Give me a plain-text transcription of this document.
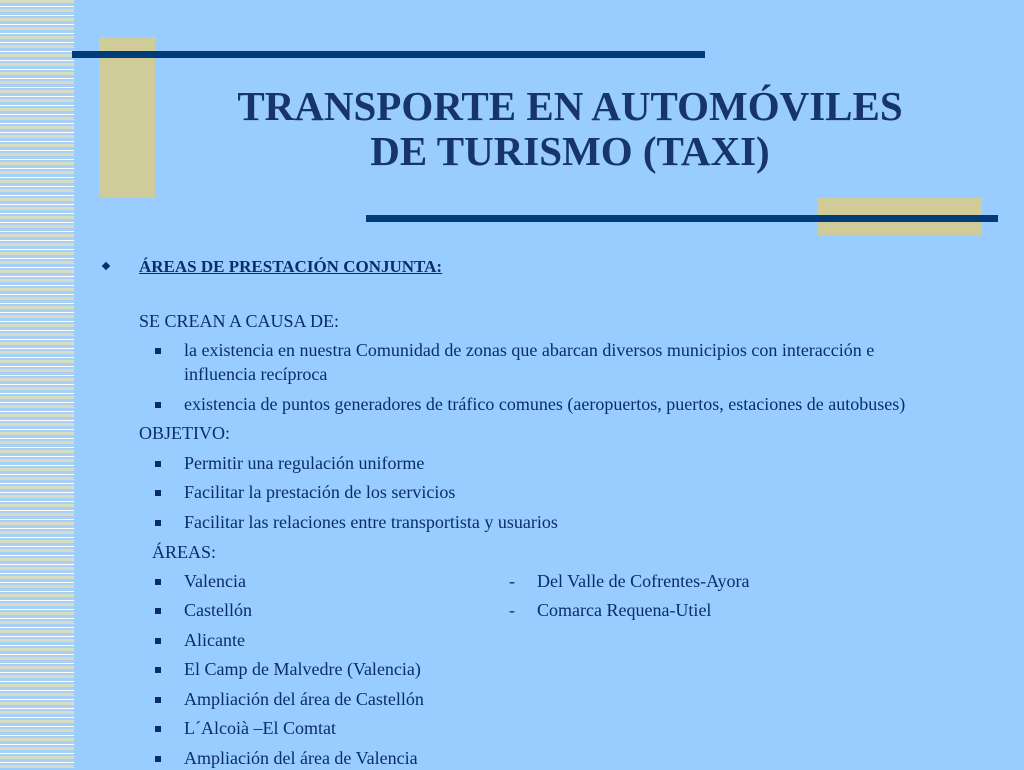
TRANSPORTE EN AUTOMÓVILES
DE TURISMO (TAXI)
ÁREAS DE PRESTACIÓN CONJUNTA:
SE CREAN A CAUSA DE:
la existencia en nuestra Comunidad de zonas que abarcan diversos municipios con interacción e
influencia recíproca
existencia de puntos generadores de tráfico comunes (aeropuertos, puertos, estaciones de autobuses)
OBJETIVO:
Permitir una regulación uniforme
Facilitar la prestación de los servicios
Facilitar las relaciones entre transportista y usuarios
ÁREAS:
Valencia
Castellón
Alicante
El Camp de Malvedre (Valencia)
Ampliación del área de Castellón
L´Alcoià –El Comtat
Ampliación del área de Valencia
- Del Valle de Cofrentes-Ayora
- Comarca Requena-Utiel
